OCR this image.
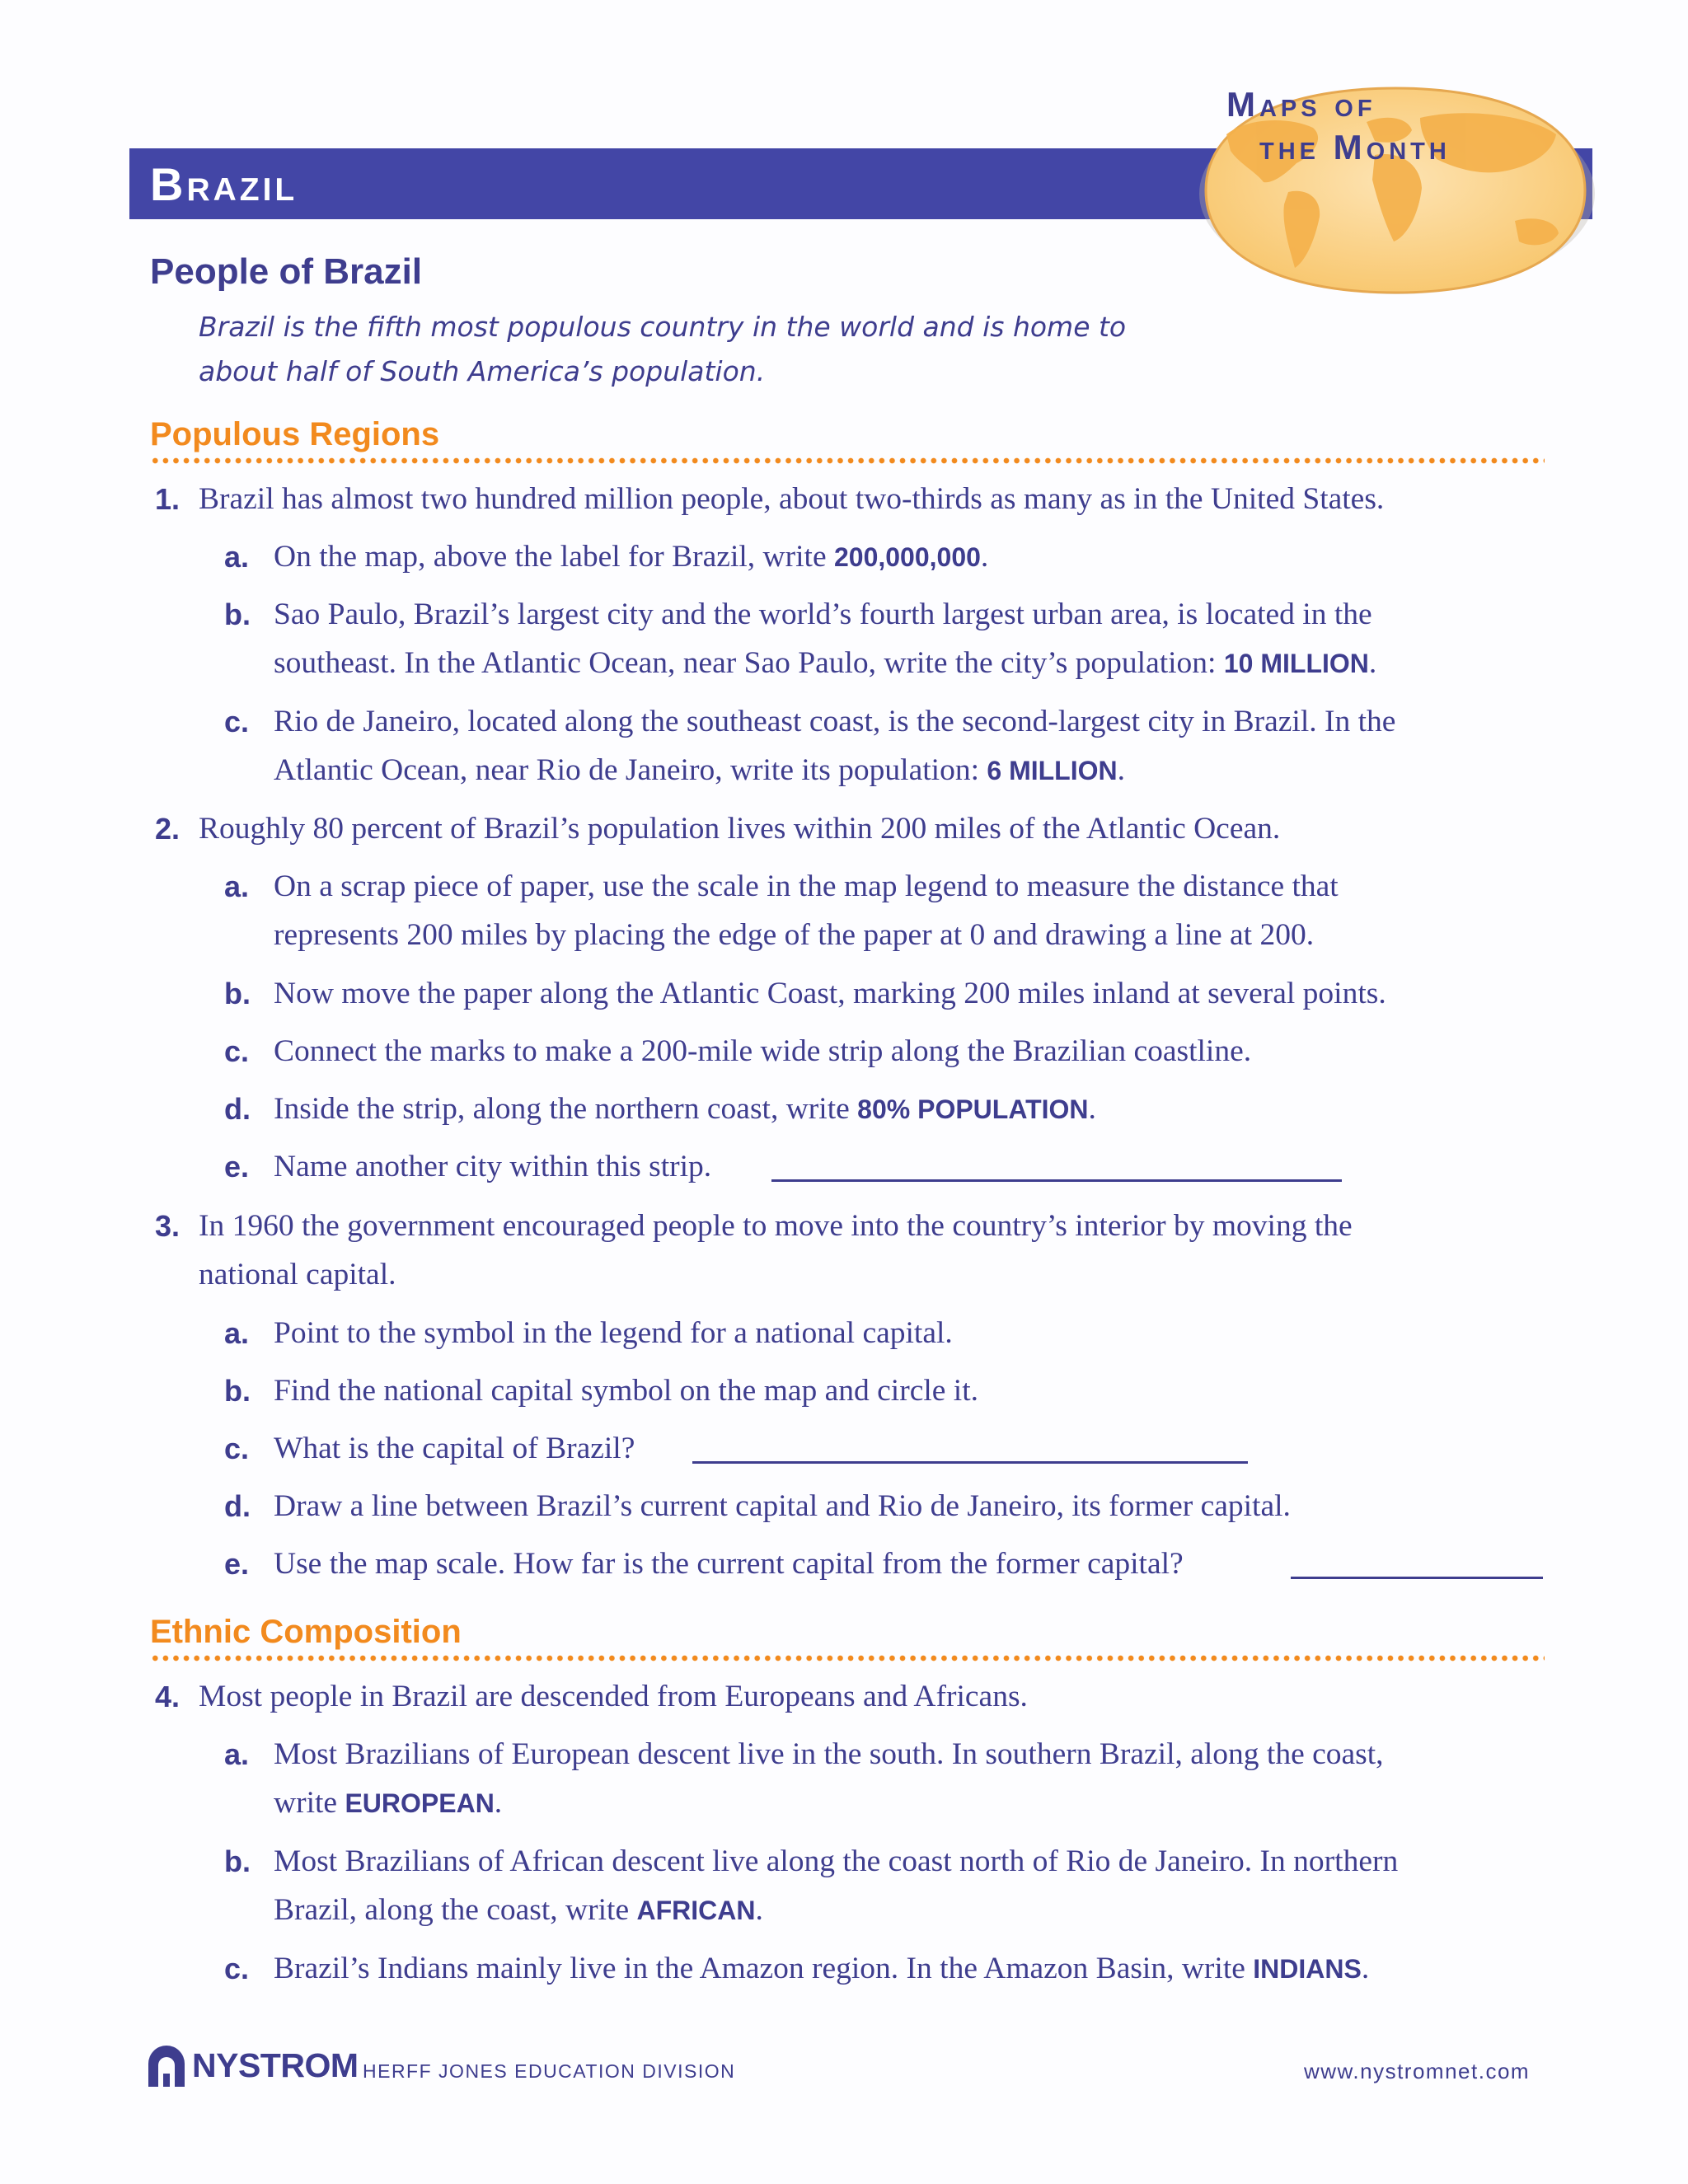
Brazil
Maps of
the Month
People of Brazil
Brazil is the fifth most populous country in the world and is home to
about half of South America’s population.
Populous Regions
1. Brazil has almost two hundred million people, about two-thirds as many as in the United States.
a. On the map, above the label for Brazil, write 200,000,000.
b. Sao Paulo, Brazil’s largest city and the world’s fourth largest urban area, is located in the
southeast. In the Atlantic Ocean, near Sao Paulo, write the city’s population: 10 MILLION.
c. Rio de Janeiro, located along the southeast coast, is the second-largest city in Brazil. In the
Atlantic Ocean, near Rio de Janeiro, write its population: 6 MILLION.
2. Roughly 80 percent of Brazil’s population lives within 200 miles of the Atlantic Ocean.
a. On a scrap piece of paper, use the scale in the map legend to measure the distance that
represents 200 miles by placing the edge of the paper at 0 and drawing a line at 200.
b. Now move the paper along the Atlantic Coast, marking 200 miles inland at several points.
c. Connect the marks to make a 200-mile wide strip along the Brazilian coastline.
d. Inside the strip, along the northern coast, write 80% POPULATION.
e. Name another city within this strip.
3. In 1960 the government encouraged people to move into the country’s interior by moving the
national capital.
a. Point to the symbol in the legend for a national capital.
b. Find the national capital symbol on the map and circle it.
c. What is the capital of Brazil?
d. Draw a line between Brazil’s current capital and Rio de Janeiro, its former capital.
e. Use the map scale. How far is the current capital from the former capital?
Ethnic Composition
4. Most people in Brazil are descended from Europeans and Africans.
a. Most Brazilians of European descent live in the south. In southern Brazil, along the coast,
write EUROPEAN.
b. Most Brazilians of African descent live along the coast north of Rio de Janeiro. In northern
Brazil, along the coast, write AFRICAN.
c. Brazil’s Indians mainly live in the Amazon region. In the Amazon Basin, write INDIANS.
NYSTROM HERFF JONES EDUCATION DIVISION	www.nystromnet.com
